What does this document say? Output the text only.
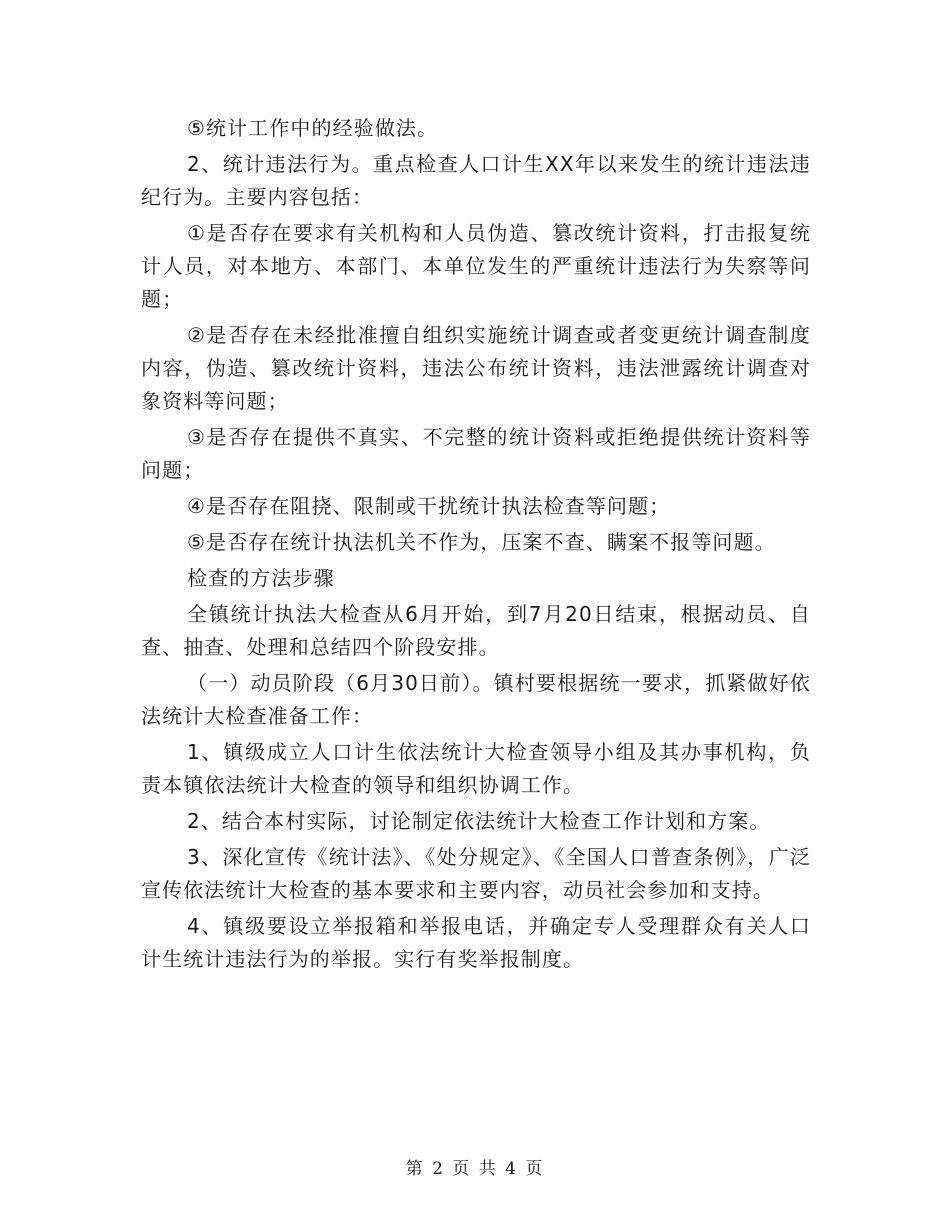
⑤统计工作中的经验做法。

2、统计违法行为。重点检查人口计生XX年以来发生的统计违法违纪行为。主要内容包括：

①是否存在要求有关机构和人员伪造、篡改统计资料，打击报复统计人员，对本地方、本部门、本单位发生的严重统计违法行为失察等问题；

②是否存在未经批准擅自组织实施统计调查或者变更统计调查制度内容，伪造、篡改统计资料，违法公布统计资料，违法泄露统计调查对象资料等问题；

③是否存在提供不真实、不完整的统计资料或拒绝提供统计资料等问题；

④是否存在阻挠、限制或干扰统计执法检查等问题；

⑤是否存在统计执法机关不作为，压案不查、瞒案不报等问题。

检查的方法步骤

全镇统计执法大检查从6月开始，到7月20日结束，根据动员、自查、抽查、处理和总结四个阶段安排。

（一）动员阶段（6月30日前）。镇村要根据统一要求，抓紧做好依法统计大检查准备工作：

1、镇级成立人口计生依法统计大检查领导小组及其办事机构，负责本镇依法统计大检查的领导和组织协调工作。

2、结合本村实际，讨论制定依法统计大检查工作计划和方案。

3、深化宣传《统计法》、《处分规定》、《全国人口普查条例》，广泛宣传依法统计大检查的基本要求和主要内容，动员社会参加和支持。

4、镇级要设立举报箱和举报电话，并确定专人受理群众有关人口计生统计违法行为的举报。实行有奖举报制度。

第 2 页 共 4 页
